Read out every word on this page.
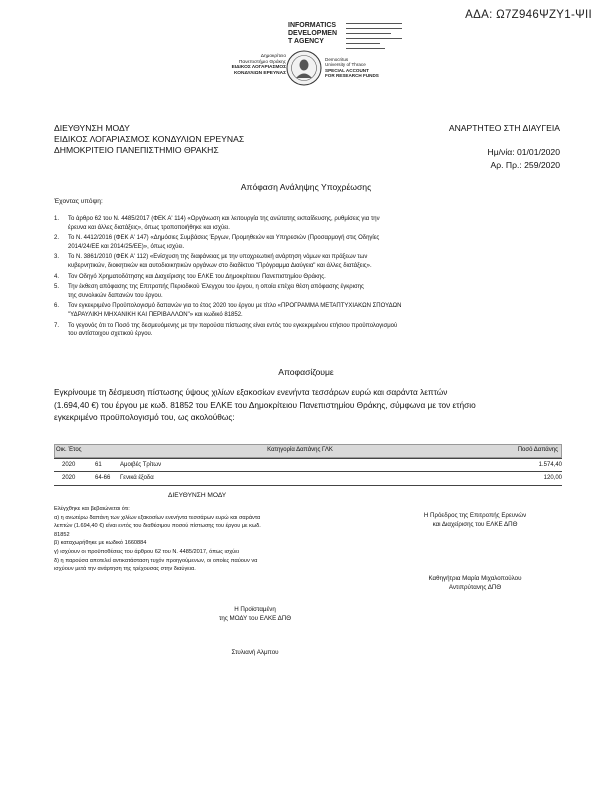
ΑΔΑ: Ω7Ζ946ΨΖΥ1-ΨΙΙ
INFORMATICS
DEVELOPMEN
T AGENCY
Δημοκρίτειο
Πανεπιστήμιο Θράκης
ΕΙΔΙΚΟΣ ΛΟΓΑΡΙΑΣΜΟΣ
ΚΟΝΔΥΛΙΩΝ ΕΡΕΥΝΑΣ
Democritus
University of Thrace
SPECIAL ACCOUNT
FOR RESEARCH FUNDS
ΔΙΕΥΘΥΝΣΗ ΜΟΔΥ
ΕΙΔΙΚΟΣ ΛΟΓΑΡΙΑΣΜΟΣ ΚΟΝΔΥΛΙΩΝ ΕΡΕΥΝΑΣ
ΔΗΜΟΚΡΙΤΕΙΟ ΠΑΝΕΠΙΣΤΗΜΙΟ ΘΡΑΚΗΣ
ΑΝΑΡΤΗΤΕΟ ΣΤΗ ΔΙΑΥΓΕΙΑ
Ημ/νία: 01/01/2020
Αρ. Πρ.: 259/2020
Απόφαση Ανάληψης Υποχρέωσης
Έχοντας υπόψη:
1.	Το άρθρο 62 του Ν. 4485/2017 (ΦΕΚ Α' 114) «Οργάνωση και λειτουργία της ανώτατης εκπαίδευσης, ρυθμίσεις για την
έρευνα και άλλες διατάξεις», όπως τροποποιήθηκε και ισχύει.
2.	Το Ν. 4412/2016 (ΦΕΚ Α' 147) «Δημόσιες Συμβάσεις Έργων, Προμηθειών και Υπηρεσιών (Προσαρμογή στις Οδηγίες
2014/24/ΕΕ και 2014/25/ΕΕ)», όπως ισχύει.
3.	Το Ν. 3861/2010 (ΦΕΚ Α' 112) «Ενίσχυση της διαφάνειας με την υποχρεωτική ανάρτηση νόμων και πράξεων των
κυβερνητικών, διοικητικών και αυτοδιοικητικών οργάνων στο διαδίκτυο "Πρόγραμμα Διαύγεια" και άλλες διατάξεις».
4.	Τον Οδηγό Χρηματοδότησης και Διαχείρισης του ΕΛΚΕ του Δημοκρίτειου Πανεπιστημίου Θράκης.
5.	Την έκθεση απόφασης της Επιτροπής Περιοδικού Έλεγχου του έργου, η οποία επέχει θέση απόφασης έγκρισης
της συνολικών δαπανών του έργου.
6.	Τον εγκεκριμένο Προϋπολογισμό δαπανών για το έτος 2020 του έργου με τίτλο «ΠΡΟΓΡΑΜΜΑ ΜΕΤΑΠΤΥΧΙΑΚΩΝ ΣΠΟΥΔΩΝ
"ΥΔΡΑΥΛΙΚΗ ΜΗΧΑΝΙΚΗ ΚΑΙ ΠΕΡΙΒΑΛΛΟΝ"» και κωδικό 81852.
7.	Το γεγονός ότι το Ποσό της δεσμευόμενης με την παρούσα πίστωσης είναι εντός του εγκεκριμένου ετήσιου προϋπολογισμού
του αντίστοιχου σχετικού έργου.
Αποφασίζουμε
Εγκρίνουμε τη δέσμευση πίστωσης ύψους χιλίων εξακοσίων ενενήντα τεσσάρων ευρώ και σαράντα λεπτών
(1.694,40 €) του έργου με κωδ. 81852 του ΕΛΚΕ του Δημοκρίτειου Πανεπιστημίου Θράκης, σύμφωνα με τον ετήσιο
εγκεκριμένο προϋπολογισμό του, ως ακολούθως:
Οικ. Έτος	Κατηγορία Δαπάνης ΓΛΚ	Ποσό Δαπάνης
2020	61	Αμοιβές Τρίτων	1.574,40
2020	64-66 Γενικά έξοδα	120,00
ΔΙΕΥΘΥΝΣΗ ΜΟΔΥ
Ελέγχθηκε και βεβαιώνεται ότι:
α) η ανωτέρω δαπάνη των χιλίων εξακοσίων ενενήντα τεσσάρων ευρώ και σαράντα
λεπτών (1.694,40 €) είναι εντός του διαθέσιμου ποσού πίστωσης του έργου με κωδ.
81852
β) καταχωρήθηκε με κωδικό 1660884
γ) ισχύουν οι προϋποθέσεις του άρθρου 62 του Ν. 4485/2017, όπως ισχύει
δ) η παρούσα αποτελεί αντικατάσταση τυχόν προηγούμενων, οι οποίες παύουν να
ισχύουν μετά την ανάρτηση της τρέχουσας στην διαύγεια.
Η Πρόεδρος της Επιτροπής Ερευνών
και Διαχείρισης του ΕΛΚΕ ΔΠΘ
Καθηγήτρια Μαρία Μιχαλοπούλου
Αντιπρύτανης ΔΠΘ
Η Προϊσταμένη
της ΜΟΔΥ του ΕΛΚΕ ΔΠΘ
Στυλιανή Αλμπου
